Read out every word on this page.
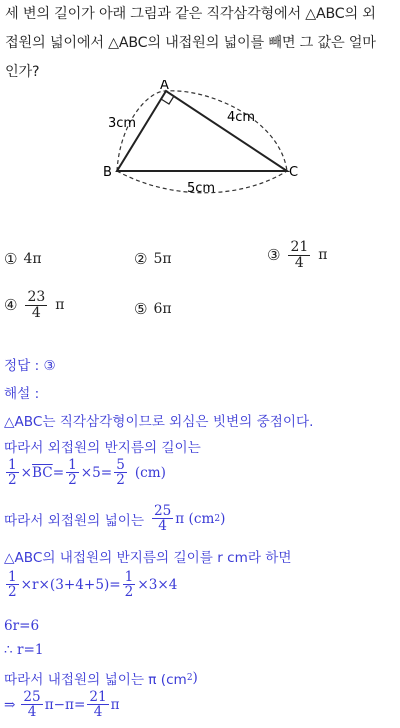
세 변의 길이가 아래 그림과 같은 직각삼각형에서 △ABC의 외
접원의 넓이에서 △ABC의 내접원의 넓이를 빼면 그 값은 얼마
인가?
A
B	C
3cm	4cm
5cm
① 4π	② 5π	③ $\frac{21}{4}$ π
④ $\frac{23}{4}$ π	⑤ 6π
정답 : ③
해설 :
△ABC는 직각삼각형이므로 외심은 빗변의 중점이다.
따라서 외접원의 반지름의 길이는
$\frac{1}{2} \times \overline{BC} = \frac{1}{2} \times 5= \frac{5}{2} (cm)$
따라서 외접원의 넓이는 $\frac{25}{4}$ π (cm 2 )
△ABC의 내접원의 반지름의 길이를 r cm라 하면
$\frac{1}{2} \times r\times(3+4+5)= \frac{1}{2} \times 3\times 4$
6r=6
∴ r=1
따라서 내접원의 넓이는 π (cm 2 )
⇒ $\frac{25}{4} \pi-\pi= \frac{21}{4}$ π
